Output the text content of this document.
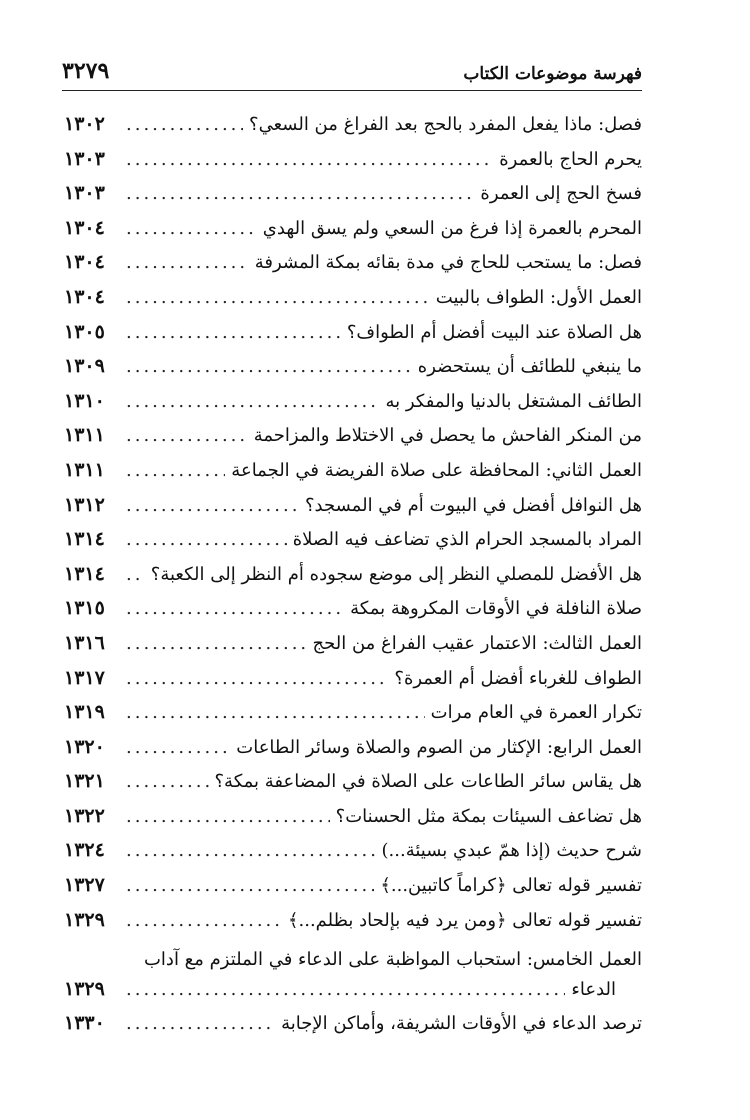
فهرسة موضوعات الكتاب
٣٢٧٩
فصل: ماذا يفعل المفرد بالحج بعد الفراغ من السعي؟
.....
١٣٠٢
يحرم الحاج بالعمرة
.....
١٣٠٣
فسخ الحج إلى العمرة
.....
١٣٠٣
المحرم بالعمرة إذا فرغ من السعي ولم يسق الهدي
.....
١٣٠٤
فصل: ما يستحب للحاج في مدة بقائه بمكة المشرفة
.....
١٣٠٤
العمل الأول: الطواف بالبيت
.....
١٣٠٤
هل الصلاة عند البيت أفضل أم الطواف؟
.....
١٣٠٥
ما ينبغي للطائف أن يستحضره
.....
١٣٠٩
الطائف المشتغل بالدنيا والمفكر به
.....
١٣١٠
من المنكر الفاحش ما يحصل في الاختلاط والمزاحمة
.....
١٣١١
العمل الثاني: المحافظة على صلاة الفريضة في الجماعة
.....
١٣١١
هل النوافل أفضل في البيوت أم في المسجد؟
.....
١٣١٢
المراد بالمسجد الحرام الذي تضاعف فيه الصلاة
.....
١٣١٤
هل الأفضل للمصلي النظر إلى موضع سجوده أم النظر إلى الكعبة؟
.....
١٣١٤
صلاة النافلة في الأوقات المكروهة بمكة
.....
١٣١٥
العمل الثالث: الاعتمار عقيب الفراغ من الحج
.....
١٣١٦
الطواف للغرباء أفضل أم العمرة؟
.....
١٣١٧
تكرار العمرة في العام مرات
.....
١٣١٩
العمل الرابع: الإكثار من الصوم والصلاة وسائر الطاعات
.....
١٣٢٠
هل يقاس سائر الطاعات على الصلاة في المضاعفة بمكة؟
.....
١٣٢١
هل تضاعف السيئات بمكة مثل الحسنات؟
.....
١٣٢٢
شرح حديث (إذا همّ عبدي بسيئة...)
.....
١٣٢٤
تفسير قوله تعالى ﴿كراماً كاتبين...﴾
.....
١٣٢٧
تفسير قوله تعالى ﴿ومن يرد فيه بإلحاد بظلم...﴾
.....
١٣٢٩
العمل الخامس: استحباب المواظبة على الدعاء في الملتزم مع آداب
الدعاء
.....
١٣٢٩
ترصد الدعاء في الأوقات الشريفة، وأماكن الإجابة
.....
١٣٣٠
